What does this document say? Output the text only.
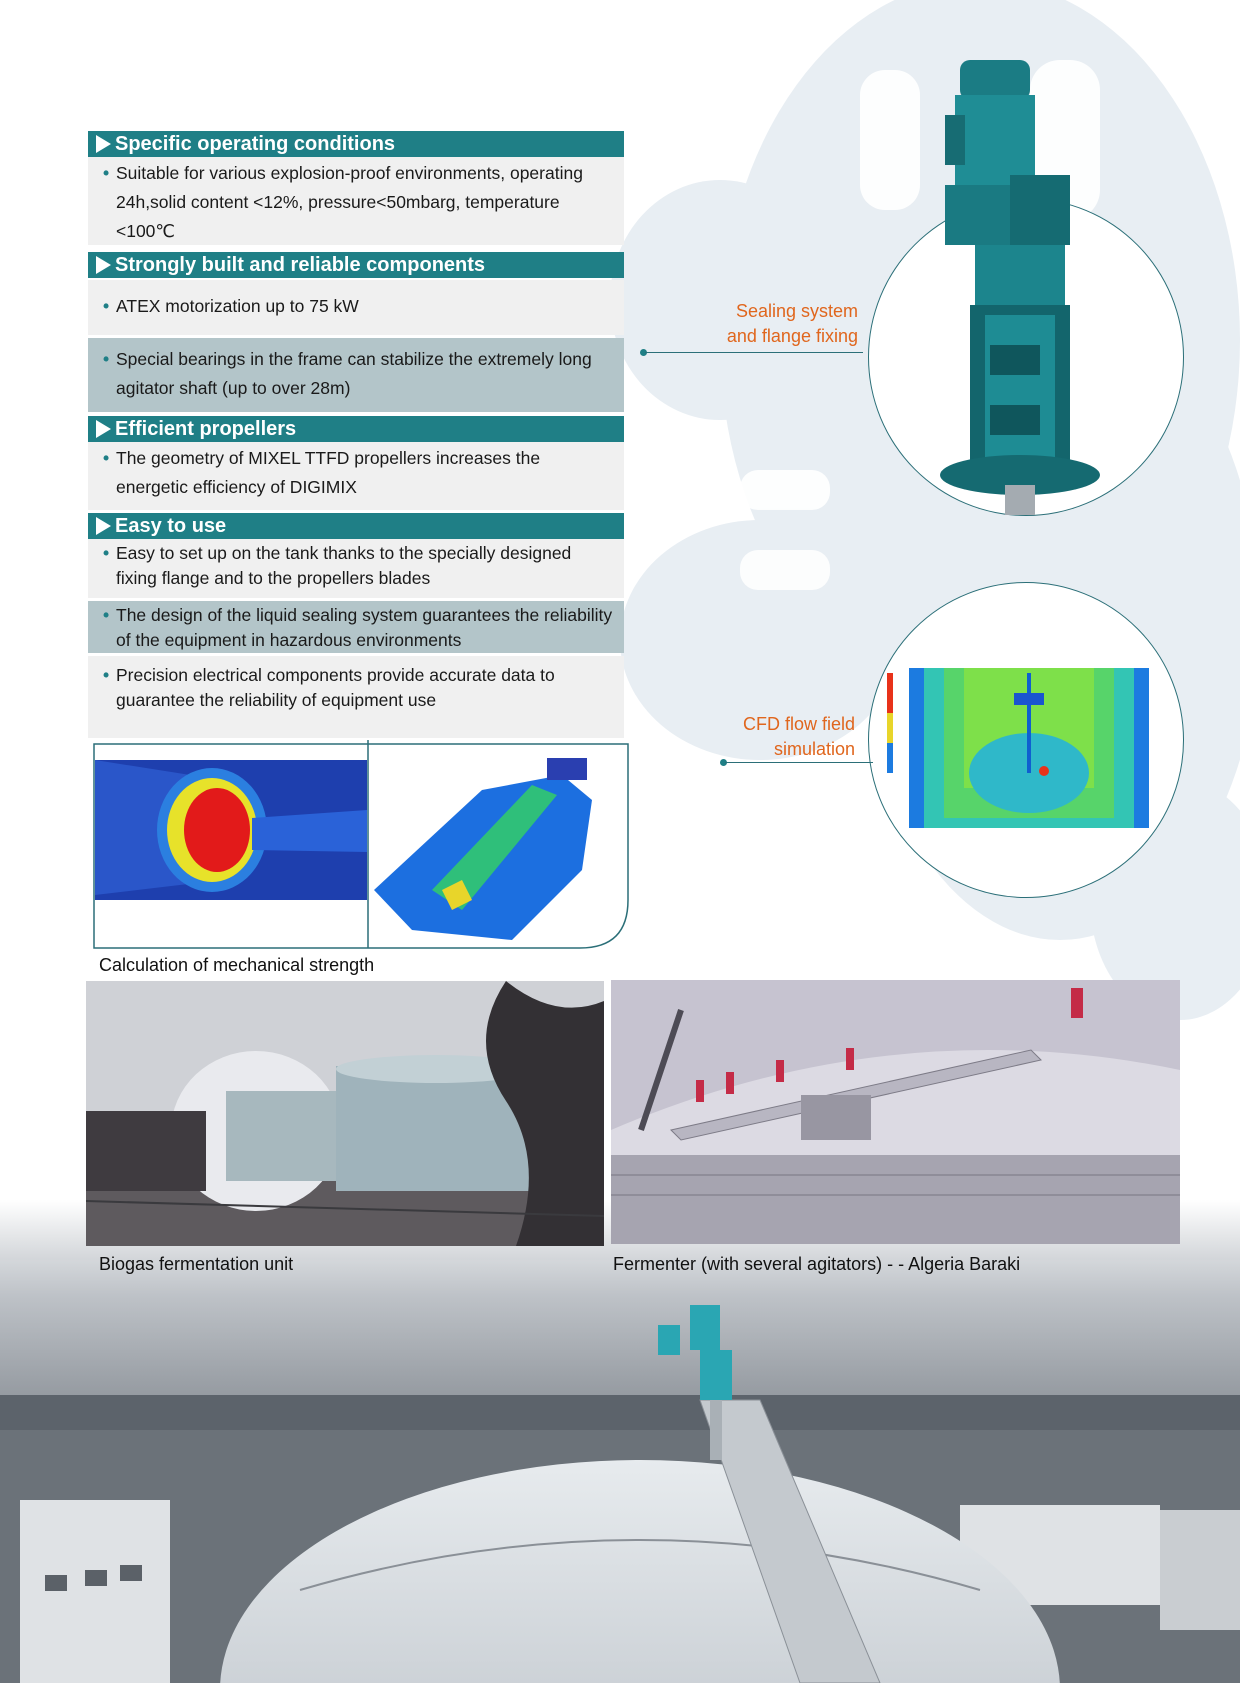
Specific operating conditions

• Suitable for various explosion-proof environments, operating 24h,solid content <12%, pressure<50mbarg, temperature <100℃

Strongly built and reliable components

• ATEX motorization up to 75 kW

• Special bearings in the frame can stabilize the extremely long agitator shaft (up to over 28m)

Efficient propellers

• The geometry of MIXEL TTFD propellers increases the energetic efficiency of DIGIMIX

Easy to use

• Easy to set up on the tank thanks to the specially designed fixing flange and to the propellers blades

• The design of the liquid sealing system guarantees the reliability of the equipment in hazardous environments

• Precision electrical components provide accurate data to guarantee the reliability of equipment use

Calculation of mechanical strength
Sealing system
and flange fixing
CFD flow field
simulation
Biogas fermentation unit	Fermenter (with several agitators) - - Algeria Baraki
